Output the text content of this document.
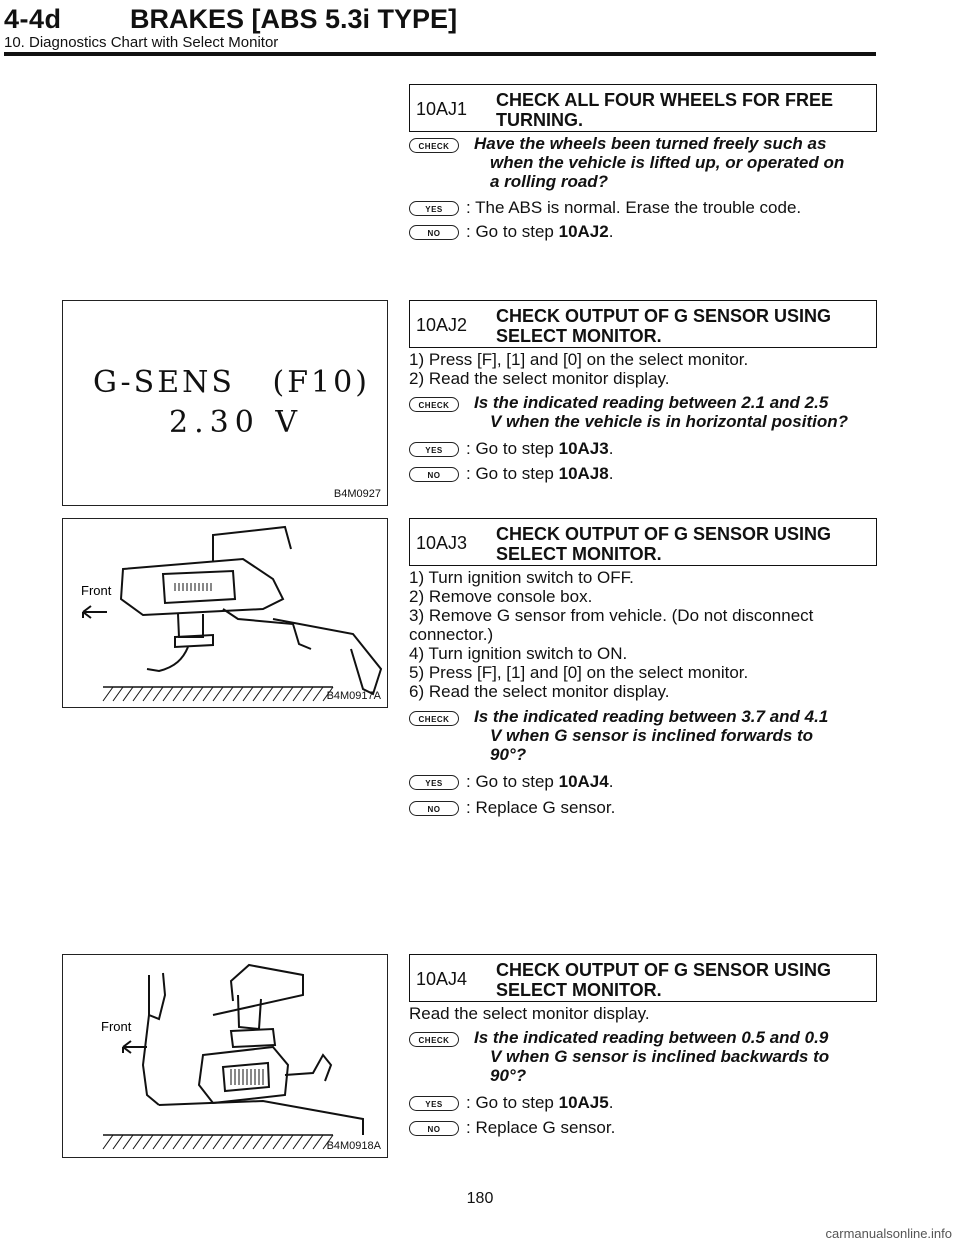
4-4d	BRAKES [ABS 5.3i TYPE]
10. Diagnostics Chart with Select Monitor
10AJ1	CHECK ALL FOUR WHEELS FOR FREE TURNING.
CHECK	Have the wheels been turned freely such as
when the vehicle is lifted up, or operated on
a rolling road?
YES	: The ABS is normal. Erase the trouble code.
NO	: Go to step 10AJ2.
G-SENS   (F10)
2.30 V
B4M0927
10AJ2	CHECK OUTPUT OF G SENSOR USING SELECT MONITOR.
1) Press [F], [1] and [0] on the select monitor.
2) Read the select monitor display.
CHECK	Is the indicated reading between 2.1 and 2.5
V when the vehicle is in horizontal position?
YES	: Go to step 10AJ3.
NO	: Go to step 10AJ8.
Front
B4M0917A
10AJ3	CHECK OUTPUT OF G SENSOR USING SELECT MONITOR.
1) Turn ignition switch to OFF.
2) Remove console box.
3) Remove G sensor from vehicle. (Do not disconnect
connector.)
4) Turn ignition switch to ON.
5) Press [F], [1] and [0] on the select monitor.
6) Read the select monitor display.
CHECK	Is the indicated reading between 3.7 and 4.1
V when G sensor is inclined forwards to
90°?
YES	: Go to step 10AJ4.
NO	: Replace G sensor.
Front
B4M0918A
10AJ4	CHECK OUTPUT OF G SENSOR USING SELECT MONITOR.
Read the select monitor display.
CHECK	Is the indicated reading between 0.5 and 0.9
V when G sensor is inclined backwards to
90°?
YES	: Go to step 10AJ5.
NO	: Replace G sensor.
180
carmanualsonline.info
